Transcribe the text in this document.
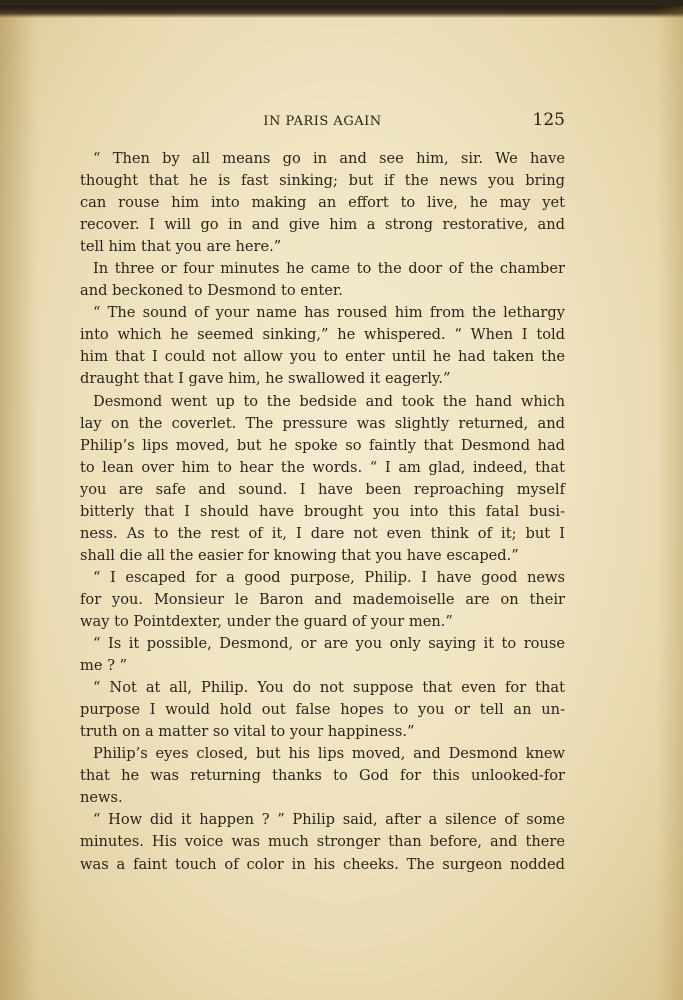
IN PARIS AGAIN	125
“ Then by all means go in and see him, sir. We have
thought that he is fast sinking; but if the news you bring
can rouse him into making an effort to live, he may yet
recover. I will go in and give him a strong restorative, and
tell him that you are here.”
In three or four minutes he came to the door of the chamber
and beckoned to Desmond to enter.
“ The sound of your name has roused him from the lethargy
into which he seemed sinking,” he whispered. “ When I told
him that I could not allow you to enter until he had taken the
draught that I gave him, he swallowed it eagerly.”
Desmond went up to the bedside and took the hand which
lay on the coverlet. The pressure was slightly returned, and
Philip’s lips moved, but he spoke so faintly that Desmond had
to lean over him to hear the words. “ I am glad, indeed, that
you are safe and sound. I have been reproaching myself
bitterly that I should have brought you into this fatal busi-
ness. As to the rest of it, I dare not even think of it; but I
shall die all the easier for knowing that you have escaped.”
“ I escaped for a good purpose, Philip. I have good news
for you. Monsieur le Baron and mademoiselle are on their
way to Pointdexter, under the guard of your men.”
“ Is it possible, Desmond, or are you only saying it to rouse
me ? ”
“ Not at all, Philip. You do not suppose that even for that
purpose I would hold out false hopes to you or tell an un-
truth on a matter so vital to your happiness.”
Philip’s eyes closed, but his lips moved, and Desmond knew
that he was returning thanks to God for this unlooked-for
news.
“ How did it happen ? ” Philip said, after a silence of some
minutes. His voice was much stronger than before, and there
was a faint touch of color in his cheeks. The surgeon nodded
